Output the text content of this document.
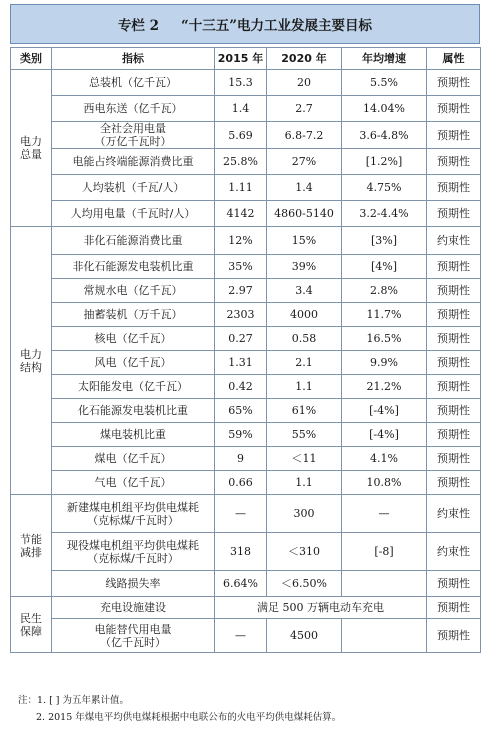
专栏 2 “十三五”电力工业发展主要目标
类别	指标	2015 年	2020 年	年均增速	属性
电力
总量	总装机（亿千瓦）	15.3	20	5.5%	预期性
	西电东送（亿千瓦）	1.4	2.7	14.04%	预期性
	全社会用电量
（万亿千瓦时）	5.69	6.8-7.2	3.6-4.8%	预期性
	电能占终端能源消费比重	25.8%	27%	[1.2%]	预期性
	人均装机（千瓦/人）	1.11	1.4	4.75%	预期性
	人均用电量（千瓦时/人）	4142	4860-5140	3.2-4.4%	预期性
电力
结构	非化石能源消费比重	12%	15%	[3%]	约束性
	非化石能源发电装机比重	35%	39%	[4%]	预期性
	常规水电（亿千瓦）	2.97	3.4	2.8%	预期性
	抽蓄装机（万千瓦）	2303	4000	11.7%	预期性
	核电（亿千瓦）	0.27	0.58	16.5%	预期性
	风电（亿千瓦）	1.31	2.1	9.9%	预期性
	太阳能发电（亿千瓦）	0.42	1.1	21.2%	预期性
	化石能源发电装机比重	65%	61%	[-4%]	预期性
	煤电装机比重	59%	55%	[-4%]	预期性
	煤电（亿千瓦）	9	＜11	4.1%	预期性
	气电（亿千瓦）	0.66	1.1	10.8%	预期性
节能
减排	新建煤电机组平均供电煤耗
（克标煤/千瓦时）	—	300	—	约束性
	现役煤电机组平均供电煤耗
（克标煤/千瓦时）	318	＜310	[-8]	约束性
	线路损失率	6.64%	＜6.50%		预期性
民生
保障	充电设施建设	满足 500 万辆电动车充电			预期性
	电能替代用电量
（亿千瓦时）	—	4500		预期性
注：1. [ ] 为五年累计值。
2. 2015 年煤电平均供电煤耗根据中电联公布的火电平均供电煤耗估算。
